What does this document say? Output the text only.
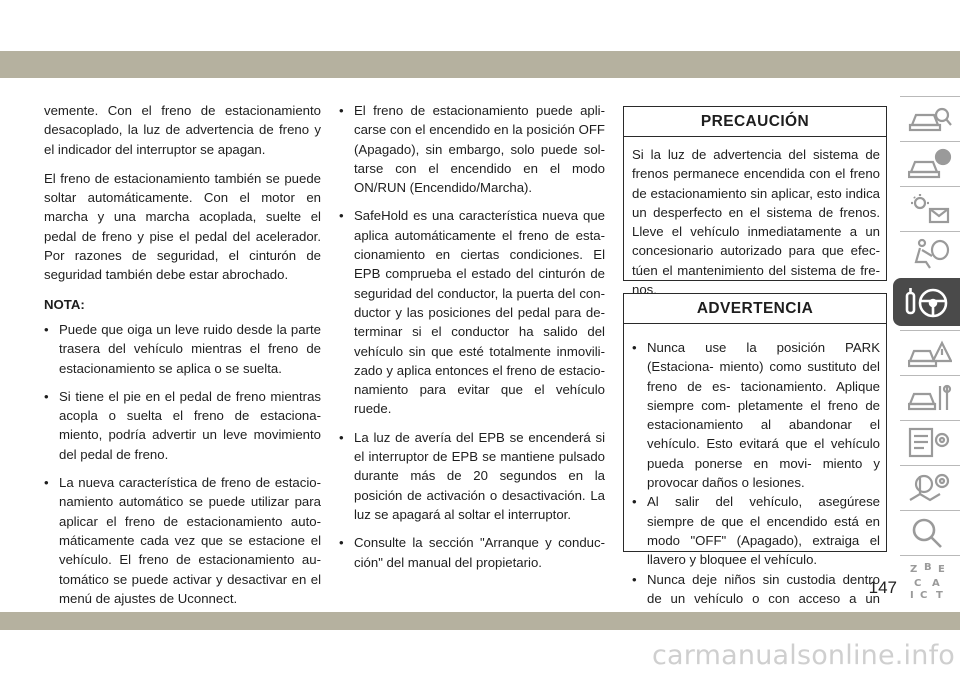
vemente. Con el freno de estacionamiento desacoplado, la luz de advertencia de freno y el indicador del interruptor se apagan.

El freno de estacionamiento también se puede soltar automáticamente. Con el motor en marcha y una marcha acoplada, suelte el pedal de freno y pise el pedal del acelerador. Por razones de seguridad, el cinturón de seguridad también debe estar abrochado.

NOTA:

• Puede que oiga un leve ruido desde la parte trasera del vehículo mientras el freno de estacionamiento se aplica o se suelta.
• Si tiene el pie en el pedal de freno mientras acopla o suelta el freno de estaciona- miento, podría advertir un leve movimiento del pedal de freno.
• La nueva característica de freno de estacio- namiento automático se puede utilizar para aplicar el freno de estacionamiento auto- máticamente cada vez que se estacione el vehículo. El freno de estacionamiento au- tomático se puede activar y desactivar en el menú de ajustes de Uconnect.
• El freno de estacionamiento puede apli- carse con el encendido en la posición OFF (Apagado), sin embargo, solo puede sol- tarse con el encendido en el modo ON/RUN (Encendido/Marcha).
• SafeHold es una característica nueva que aplica automáticamente el freno de esta- cionamiento en ciertas condiciones. El EPB comprueba el estado del cinturón de seguridad del conductor, la puerta del con- ductor y las posiciones del pedal para de- terminar si el conductor ha salido del vehículo sin que esté totalmente inmovili- zado y aplica entonces el freno de estacio- namiento para evitar que el vehículo ruede.
• La luz de avería del EPB se encenderá si el interruptor de EPB se mantiene pulsado durante más de 20 segundos en la posición de activación o desactivación. La luz se apagará al soltar el interruptor.
• Consulte la sección "Arranque y conduc- ción" del manual del propietario.
PRECAUCIÓN
Si la luz de advertencia del sistema de frenos permanece encendida con el freno de estacionamiento sin aplicar, esto indica un desperfecto en el sistema de frenos. Lleve el vehículo inmediatamente a un concesionario autorizado para que efec- túen el mantenimiento del sistema de fre- nos.
ADVERTENCIA
• Nunca use la posición PARK (Estaciona- miento) como sustituto del freno de es- tacionamiento. Aplique siempre com- pletamente el freno de estacionamiento al abandonar el vehículo. Esto evitará que el vehículo pueda ponerse en movi- miento y provocar daños o lesiones.
• Al salir del vehículo, asegúrese siempre de que el encendido está en modo "OFF" (Apagado), extraiga el llavero y bloquee el vehículo.
• Nunca deje niños sin custodia dentro de un vehículo o con acceso a un
Z B E
C A
I C T
147
carmanualsonline.info
